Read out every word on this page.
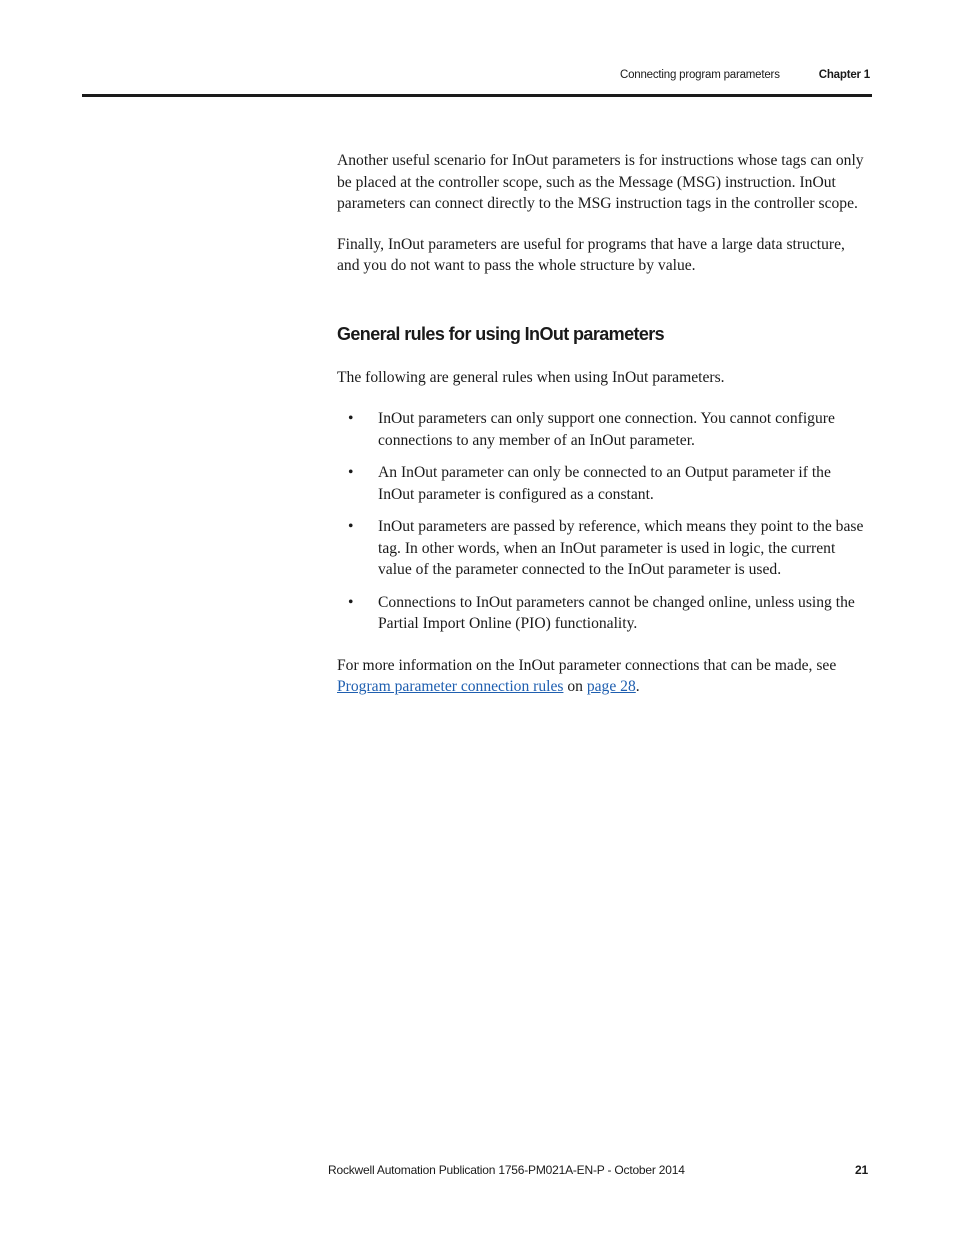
Connecting program parameters	Chapter 1

Another useful scenario for InOut parameters is for instructions whose tags can only be placed at the controller scope, such as the Message (MSG) instruction. InOut parameters can connect directly to the MSG instruction tags in the controller scope.

Finally, InOut parameters are useful for programs that have a large data structure, and you do not want to pass the whole structure by value.

General rules for using InOut parameters

The following are general rules when using InOut parameters.

• InOut parameters can only support one connection. You cannot configure connections to any member of an InOut parameter.
• An InOut parameter can only be connected to an Output parameter if the InOut parameter is configured as a constant.
• InOut parameters are passed by reference, which means they point to the base tag. In other words, when an InOut parameter is used in logic, the current value of the parameter connected to the InOut parameter is used.
• Connections to InOut parameters cannot be changed online, unless using the Partial Import Online (PIO) functionality.

For more information on the InOut parameter connections that can be made, see Program parameter connection rules on page 28.

Rockwell Automation Publication 1756-PM021A-EN-P - October 2014	21
